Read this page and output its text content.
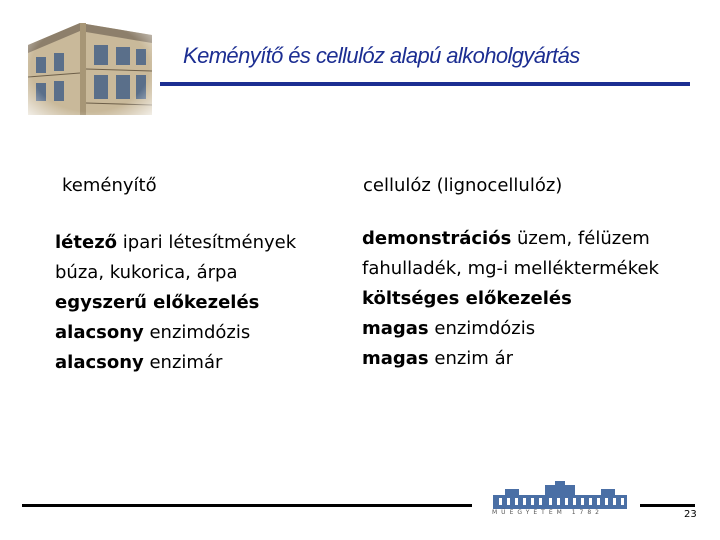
Keményítő és cellulóz alapú alkoholgyártás
keményítő
létező ipari létesítmények
búza, kukorica, árpa
egyszerű előkezelés
alacsony enzimdózis
alacsony enzimár
cellulóz (lignocellulóz)
demonstrációs üzem, félüzem
fahulladék, mg-i melléktermékek
költséges előkezelés
magas enzimdózis
magas enzim ár
MŰEGYETEM 1782	23
